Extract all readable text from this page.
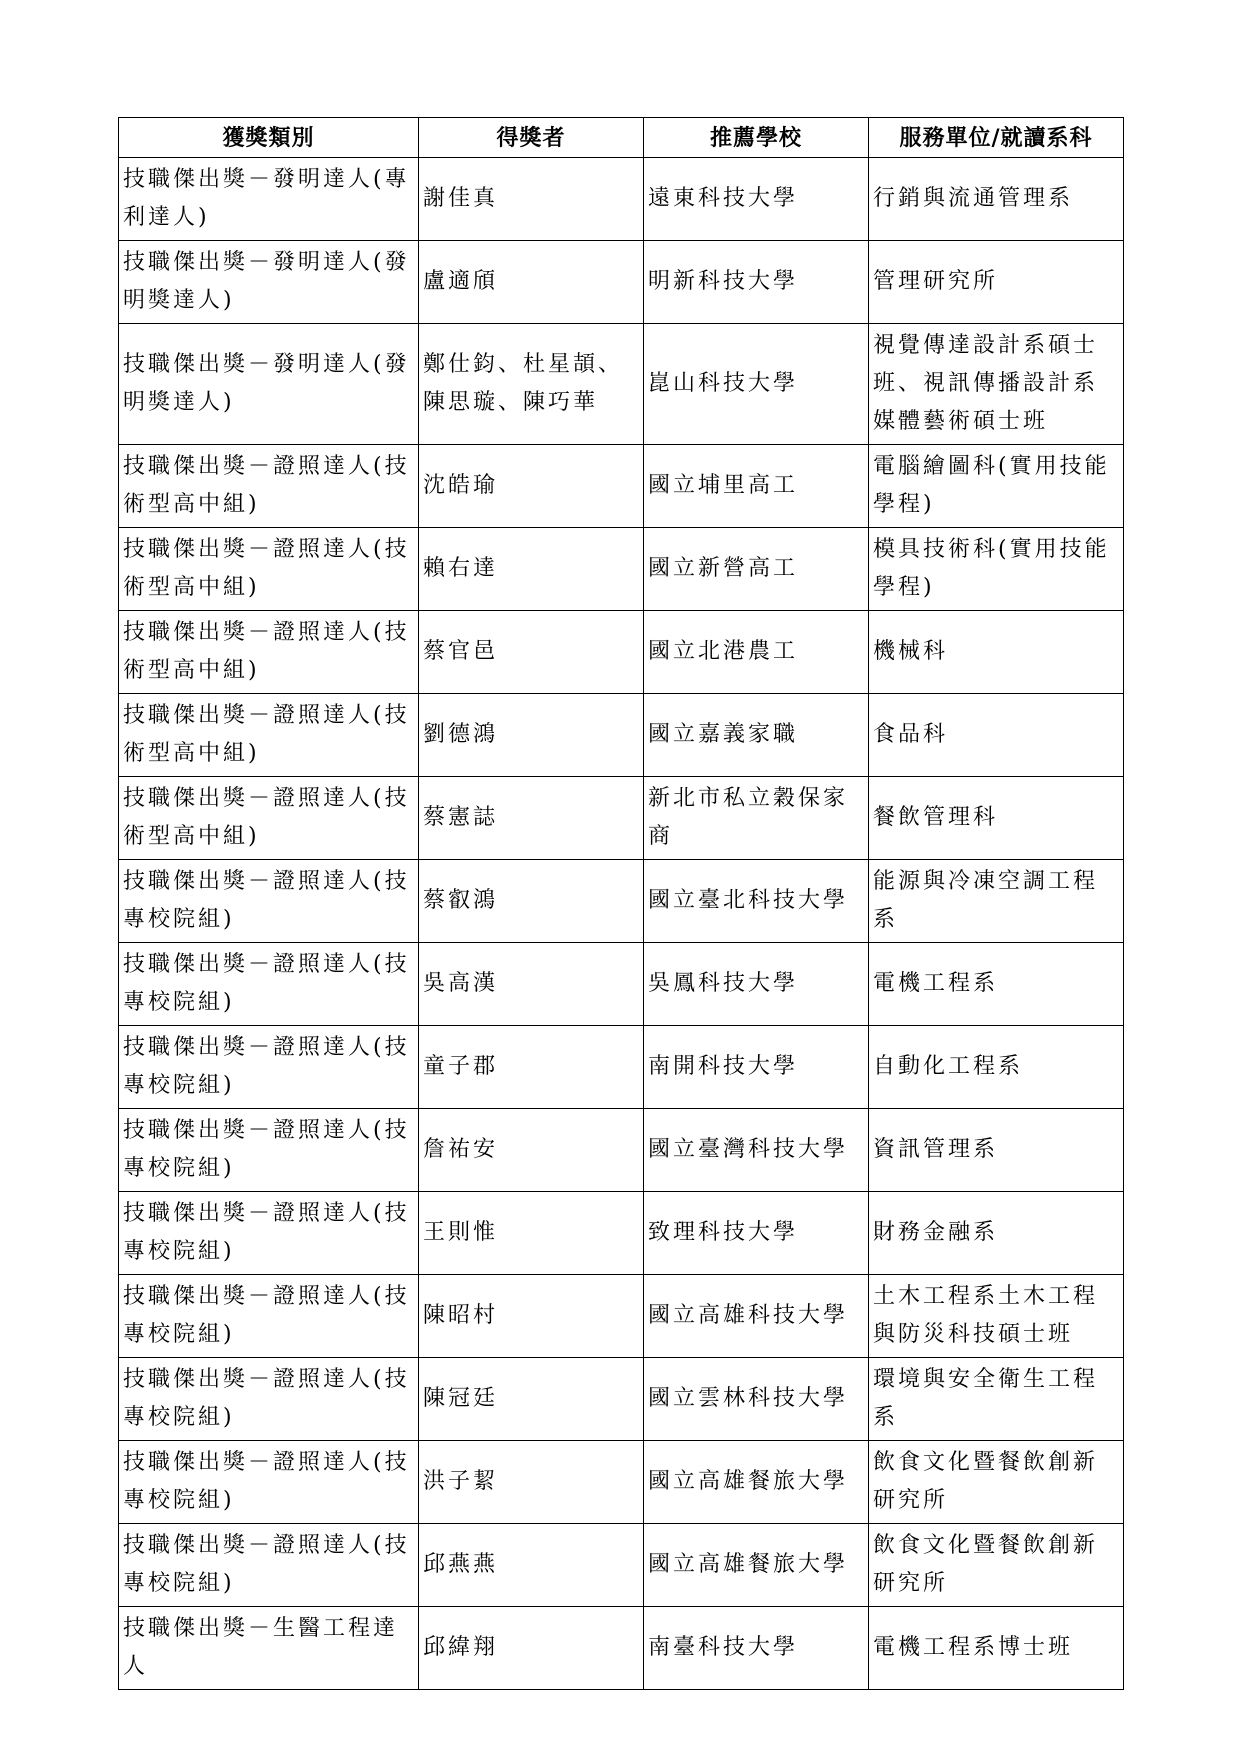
獲獎類別	得獎者	推薦學校	服務單位/就讀系科
技職傑出獎－發明達人(專利達人)	謝佳真	遠東科技大學	行銷與流通管理系
技職傑出獎－發明達人(發明獎達人)	盧適頎	明新科技大學	管理研究所
技職傑出獎－發明達人(發明獎達人)	鄭仕鈞、杜星頡、陳思璇、陳巧華	崑山科技大學	視覺傳達設計系碩士班、視訊傳播設計系媒體藝術碩士班
技職傑出獎－證照達人(技術型高中組)	沈皓瑜	國立埔里高工	電腦繪圖科(實用技能學程)
技職傑出獎－證照達人(技術型高中組)	賴右達	國立新營高工	模具技術科(實用技能學程)
技職傑出獎－證照達人(技術型高中組)	蔡官邑	國立北港農工	機械科
技職傑出獎－證照達人(技術型高中組)	劉德鴻	國立嘉義家職	食品科
技職傑出獎－證照達人(技術型高中組)	蔡憲誌	新北市私立穀保家商	餐飲管理科
技職傑出獎－證照達人(技專校院組)	蔡叡鴻	國立臺北科技大學	能源與冷凍空調工程系
技職傑出獎－證照達人(技專校院組)	吳高漢	吳鳳科技大學	電機工程系
技職傑出獎－證照達人(技專校院組)	童子郡	南開科技大學	自動化工程系
技職傑出獎－證照達人(技專校院組)	詹祐安	國立臺灣科技大學	資訊管理系
技職傑出獎－證照達人(技專校院組)	王則惟	致理科技大學	財務金融系
技職傑出獎－證照達人(技專校院組)	陳昭村	國立高雄科技大學	土木工程系土木工程與防災科技碩士班
技職傑出獎－證照達人(技專校院組)	陳冠廷	國立雲林科技大學	環境與安全衛生工程系
技職傑出獎－證照達人(技專校院組)	洪子絜	國立高雄餐旅大學	飲食文化暨餐飲創新研究所
技職傑出獎－證照達人(技專校院組)	邱燕燕	國立高雄餐旅大學	飲食文化暨餐飲創新研究所
技職傑出獎－生醫工程達人	邱緯翔	南臺科技大學	電機工程系博士班
